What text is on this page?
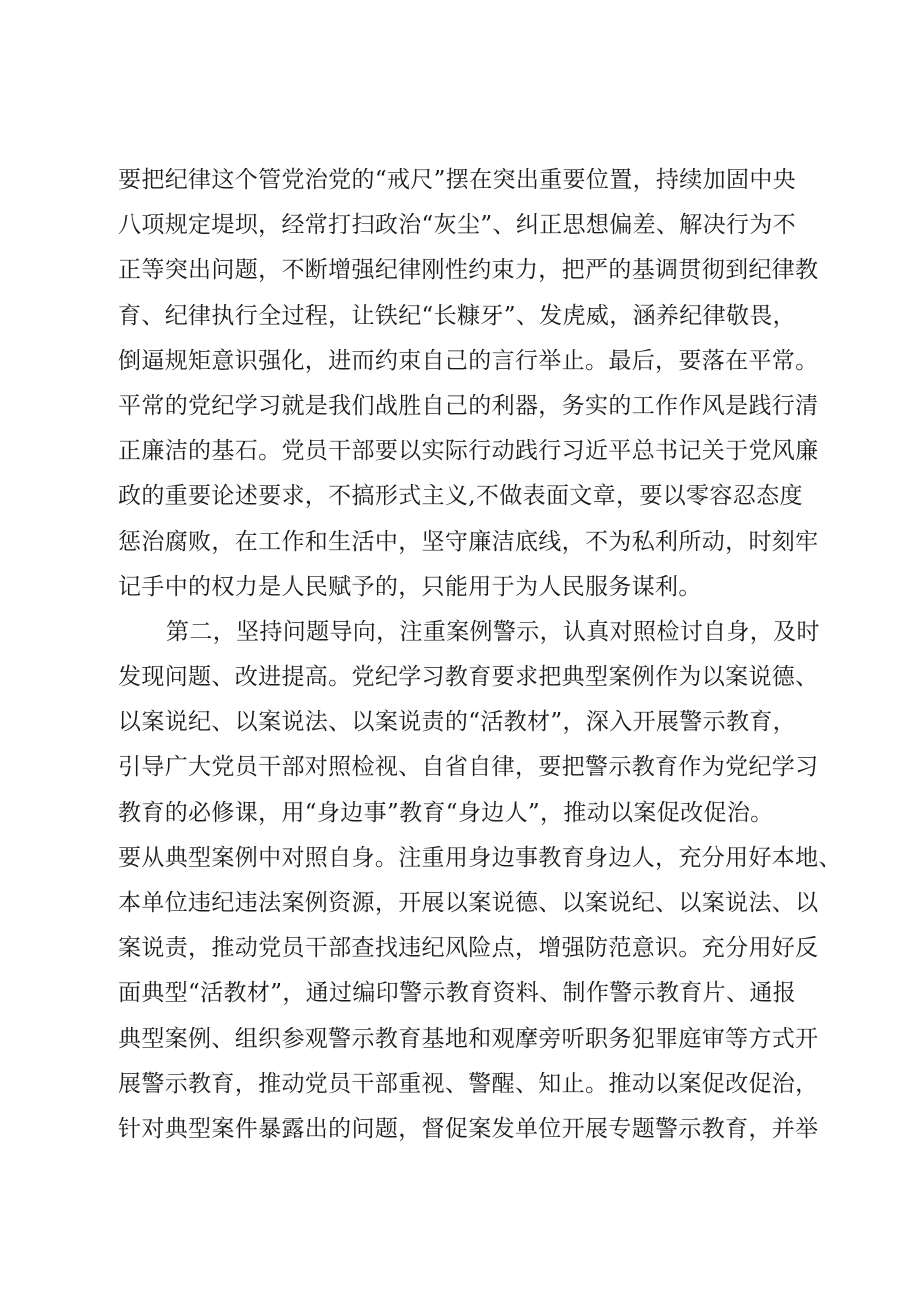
要把纪律这个管党治党的“戒尺”摆在突出重要位置，持续加固中央
八项规定堤坝，经常打扫政治“灰尘”、纠正思想偏差、解决行为不
正等突出问题，不断增强纪律刚性约束力，把严的基调贯彻到纪律教
育、纪律执行全过程，让铁纪“长糠牙”、发虎威，涵养纪律敬畏，
倒逼规矩意识强化，进而约束自己的言行举止。最后，要落在平常。
平常的党纪学习就是我们战胜自己的利器，务实的工作作风是践行清
正廉洁的基石。党员干部要以实际行动践行习近平总书记关于党风廉
政的重要论述要求，不搞形式主义,不做表面文章，要以零容忍态度
惩治腐败，在工作和生活中，坚守廉洁底线，不为私利所动，时刻牢
记手中的权力是人民赋予的，只能用于为人民服务谋利。
第二，坚持问题导向，注重案例警示，认真对照检讨自身，及时
发现问题、改进提高。党纪学习教育要求把典型案例作为以案说德、
以案说纪、以案说法、以案说责的“活教材”，深入开展警示教育，
引导广大党员干部对照检视、自省自律，要把警示教育作为党纪学习
教育的必修课，用“身边事”教育“身边人”，推动以案促改促治。
要从典型案例中对照自身。注重用身边事教育身边人，充分用好本地、
本单位违纪违法案例资源，开展以案说德、以案说纪、以案说法、以
案说责，推动党员干部查找违纪风险点，增强防范意识。充分用好反
面典型“活教材”，通过编印警示教育资料、制作警示教育片、通报
典型案例、组织参观警示教育基地和观摩旁听职务犯罪庭审等方式开
展警示教育，推动党员干部重视、警醒、知止。推动以案促改促治，
针对典型案件暴露出的问题，督促案发单位开展专题警示教育，并举
